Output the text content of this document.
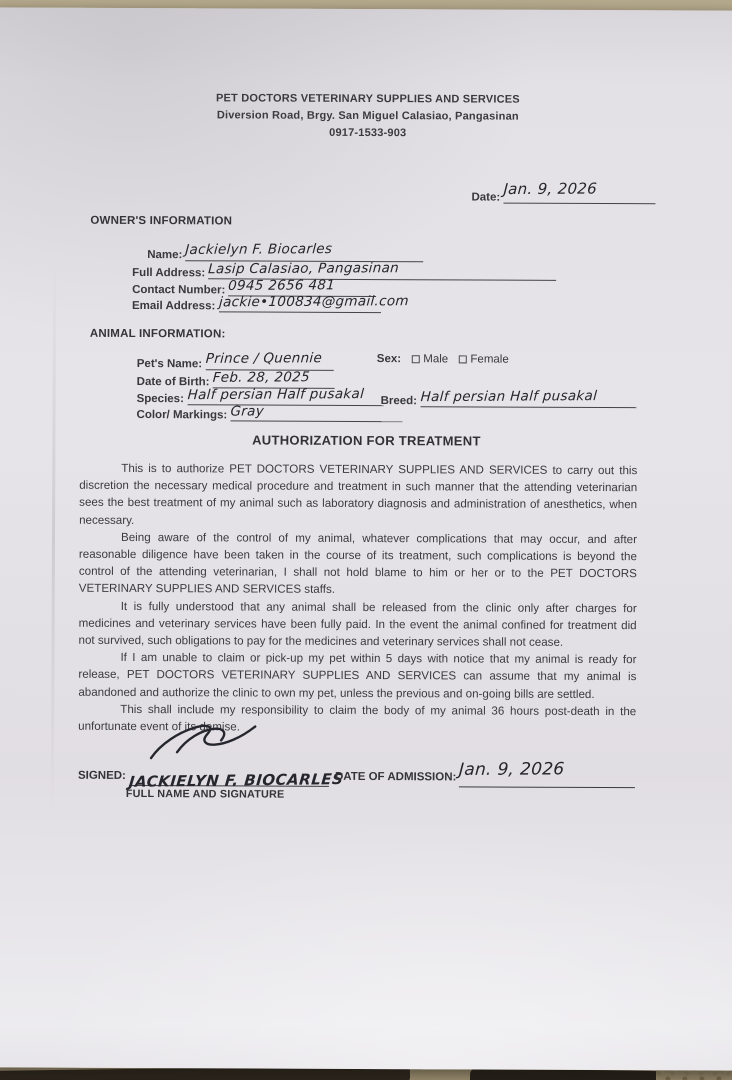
PET DOCTORS VETERINARY SUPPLIES AND SERVICES
Diversion Road, Brgy. San Miguel Calasiao, Pangasinan
0917-1533-903
Date: Jan. 9, 2026
OWNER'S INFORMATION
Name: Jackielyn F. Biocarles
Full Address: Lasip Calasiao, Pangasinan
Contact Number: 0945 2656 481
Email Address: jackie•100834@gmail.com
ANIMAL INFORMATION:
Pet's Name: Prince / Quennie	Sex: Male Female
Date of Birth: Feb. 28, 2025
Species: Half persian Half pusakal Breed: Half persian Half pusakal
Color/ Markings: Gray
AUTHORIZATION FOR TREATMENT

This is to authorize PET DOCTORS VETERINARY SUPPLIES AND SERVICES to carry out this discretion the necessary medical procedure and treatment in such manner that the attending veterinarian sees the best treatment of my animal such as laboratory diagnosis and administration of anesthetics, when necessary.

Being aware of the control of my animal, whatever complications that may occur, and after reasonable diligence have been taken in the course of its treatment, such complications is beyond the control of the attending veterinarian, I shall not hold blame to him or her or to the PET DOCTORS VETERINARY SUPPLIES AND SERVICES staffs.

It is fully understood that any animal shall be released from the clinic only after charges for medicines and veterinary services have been fully paid. In the event the animal confined for treatment did not survived, such obligations to pay for the medicines and veterinary services shall not cease.

If I am unable to claim or pick-up my pet within 5 days with notice that my animal is ready for release, PET DOCTORS VETERINARY SUPPLIES AND SERVICES can assume that my animal is abandoned and authorize the clinic to own my pet, unless the previous and on-going bills are settled.

This shall include my responsibility to claim the body of my animal 36 hours post-death in the unfortunate event of its demise.

SIGNED: JACKIELYN F. BIOCARLES
FULL NAME AND SIGNATURE
DATE OF ADMISSION: Jan. 9, 2026
